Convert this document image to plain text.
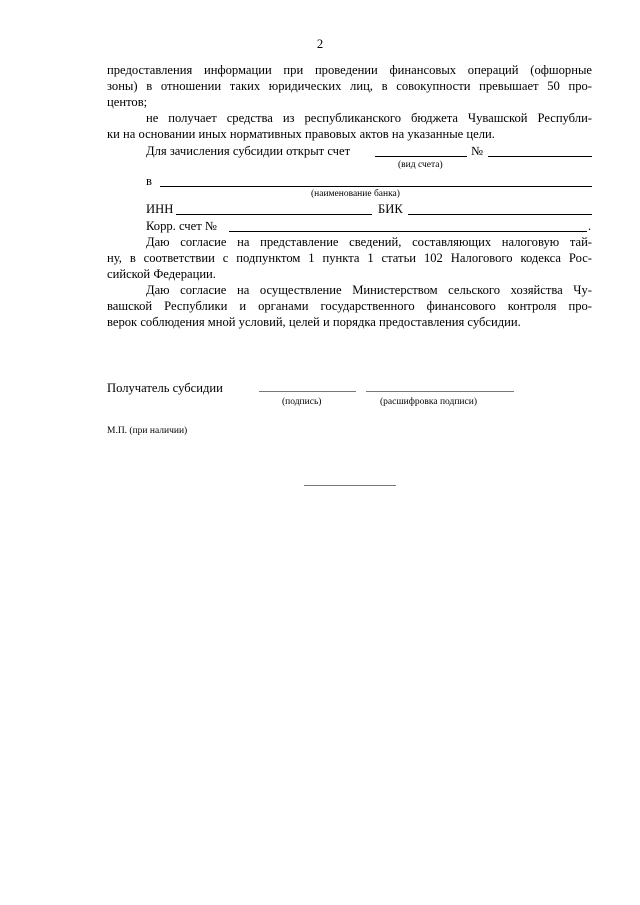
2
предоставления информации при проведении финансовых операций (офшорные
зоны) в отношении таких юридических лиц, в совокупности превышает 50 про-
центов;
не получает средства из республиканского бюджета Чувашской Республи-
ки на основании иных нормативных правовых актов на указанные цели.
Для зачисления субсидии открыт счет	№
(вид счета)
в
(наименование банка)
ИНН	БИК
Корр. счет №	.
Даю согласие на представление сведений, составляющих налоговую тай-
ну, в соответствии с подпунктом 1 пункта 1 статьи 102 Налогового кодекса Рос-
сийской Федерации.
Даю согласие на осуществление Министерством сельского хозяйства Чу-
вашской Республики и органами государственного финансового контроля про-
верок соблюдения мной условий, целей и порядка предоставления субсидии.
Получатель субсидии
(подпись)	(расшифровка подписи)
М.П. (при наличии)
